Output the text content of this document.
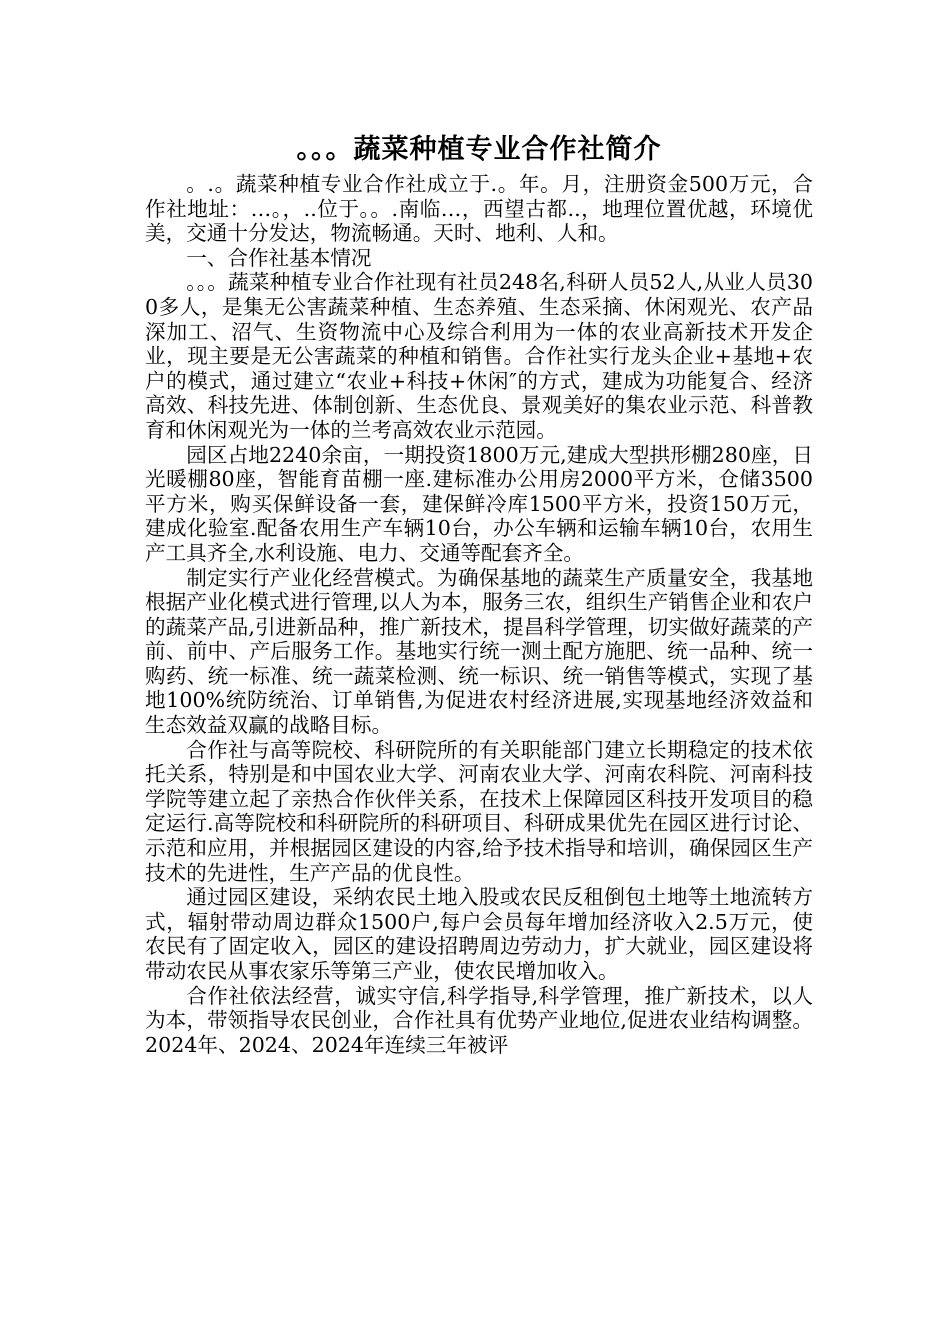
。。。蔬菜种植专业合作社简介

。.。蔬菜种植专业合作社成立于.。年。月，注册资金500万元，合作社地址：…。，..位于。。.南临…，西望古都..，地理位置优越，环境优美，交通十分发达，物流畅通。天时、地利、人和。

一、合作社基本情况

。。。蔬菜种植专业合作社现有社员248名,科研人员52人,从业人员300多人，是集无公害蔬菜种植、生态养殖、生态采摘、休闲观光、农产品深加工、沼气、生资物流中心及综合利用为一体的农业高新技术开发企业，现主要是无公害蔬菜的种植和销售。合作社实行龙头企业+基地+农户的模式，通过建立“农业+科技+休闲″的方式，建成为功能复合、经济高效、科技先进、体制创新、生态优良、景观美好的集农业示范、科普教育和休闲观光为一体的兰考高效农业示范园。

园区占地2240余亩，一期投资1800万元,建成大型拱形棚280座，日光暖棚80座，智能育苗棚一座.建标准办公用房2000平方米，仓储3500平方米，购买保鲜设备一套，建保鲜冷库1500平方米，投资150万元，建成化验室.配备农用生产车辆10台，办公车辆和运输车辆10台，农用生产工具齐全,水利设施、电力、交通等配套齐全。

制定实行产业化经营模式。为确保基地的蔬菜生产质量安全，我基地根据产业化模式进行管理,以人为本，服务三农，组织生产销售企业和农户的蔬菜产品,引进新品种，推广新技术，提昌科学管理，切实做好蔬菜的产前、前中、产后服务工作。基地实行统一测土配方施肥、统一品种、统一购药、统一标准、统一蔬菜检测、统一标识、统一销售等模式，实现了基地100%统防统治、订单销售,为促进农村经济进展,实现基地经济效益和生态效益双赢的战略目标。

合作社与高等院校、科研院所的有关职能部门建立长期稳定的技术依托关系，特别是和中国农业大学、河南农业大学、河南农科院、河南科技学院等建立起了亲热合作伙伴关系，在技术上保障园区科技开发项目的稳定运行.高等院校和科研院所的科研项目、科研成果优先在园区进行讨论、示范和应用，并根据园区建设的内容,给予技术指导和培训，确保园区生产技术的先进性，生产产品的优良性。

通过园区建设，采纳农民土地入股或农民反租倒包土地等土地流转方式，辐射带动周边群众1500户,每户会员每年增加经济收入2.5万元，使农民有了固定收入，园区的建设招聘周边劳动力，扩大就业，园区建设将带动农民从事农家乐等第三产业，使农民增加收入。

合作社依法经营，诚实守信,科学指导,科学管理，推广新技术，以人为本，带领指导农民创业，合作社具有优势产业地位,促进农业结构调整。2024年、2024、2024年连续三年被评
